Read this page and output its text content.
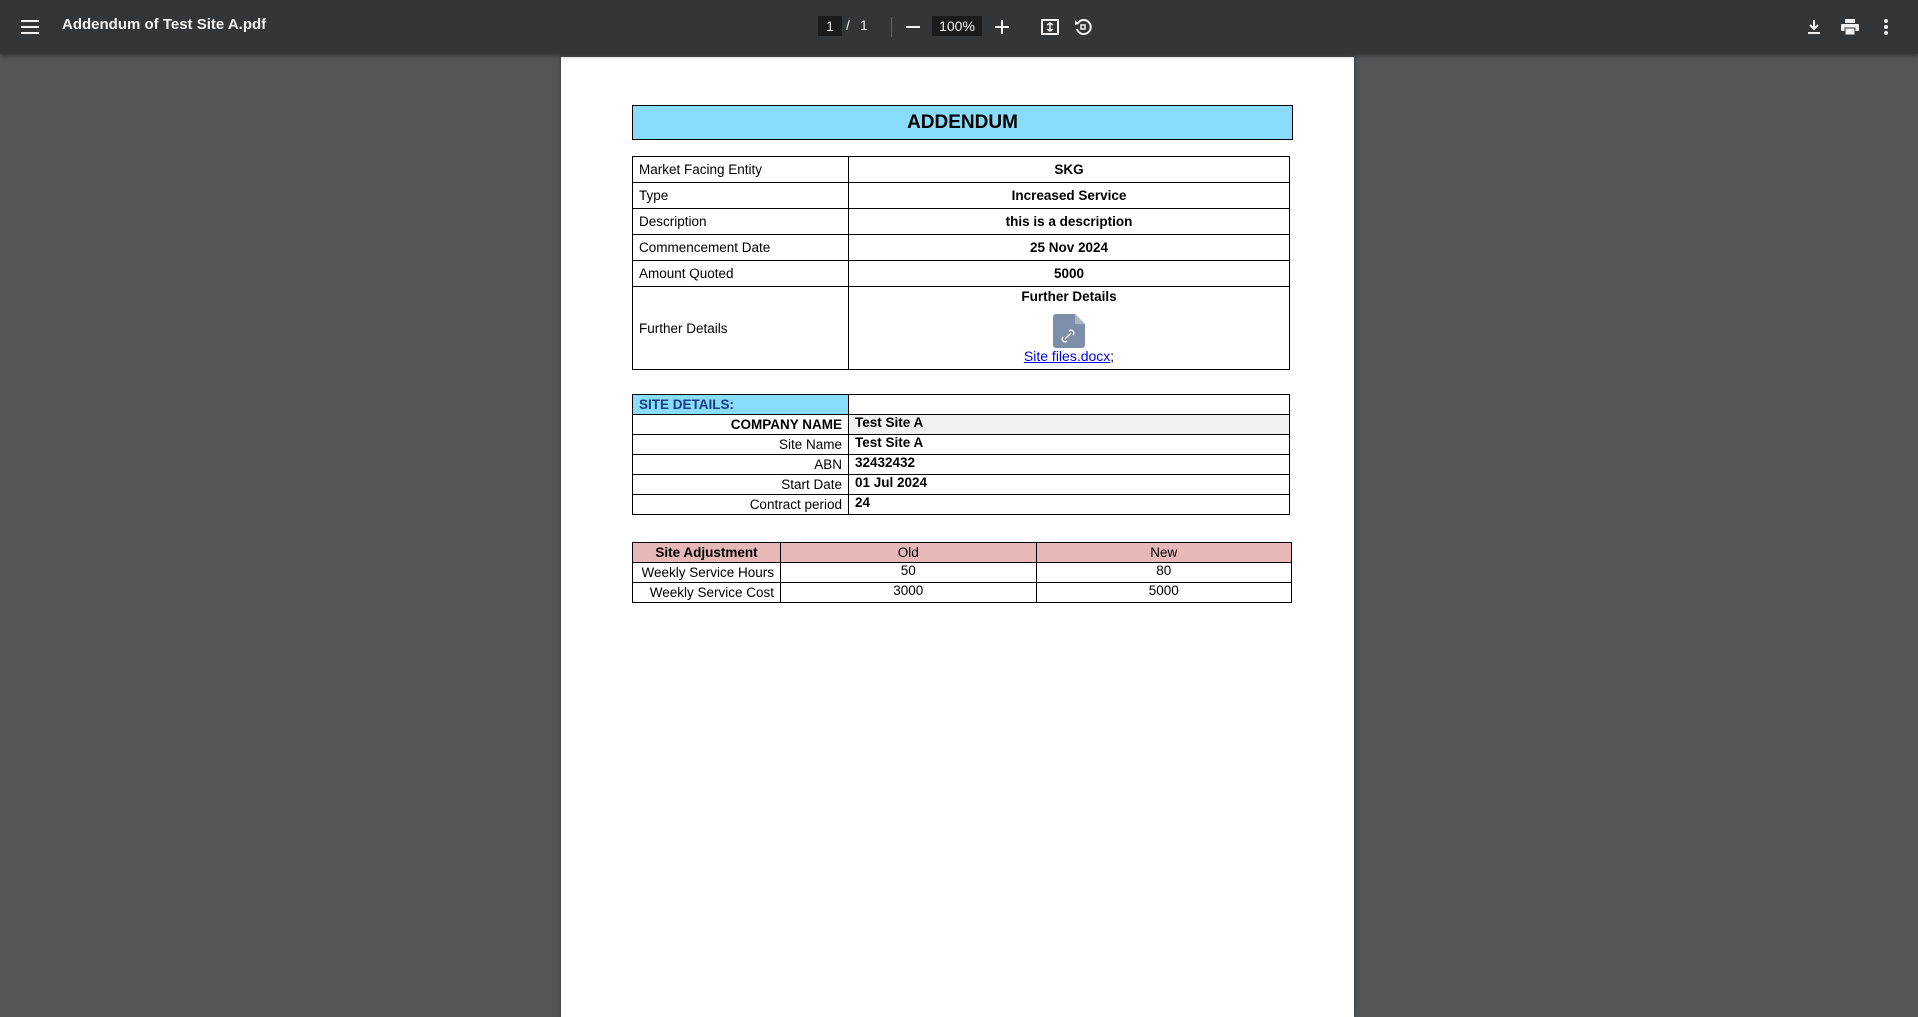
Addendum of Test Site A.pdf
1	/ 1
100%
ADDENDUM
Market Facing Entity	SKG
Type	Increased Service
Description	this is a description
Commencement Date	25 Nov 2024
Amount Quoted	5000
Further Details	Further Details
Site files.docx;
SITE DETAILS:	
COMPANY NAME	Test Site A
Site Name	Test Site A
ABN	32432432
Start Date	01 Jul 2024
Contract period	24
Site Adjustment	Old	New
Weekly Service Hours	50	80
Weekly Service Cost	3000	5000
